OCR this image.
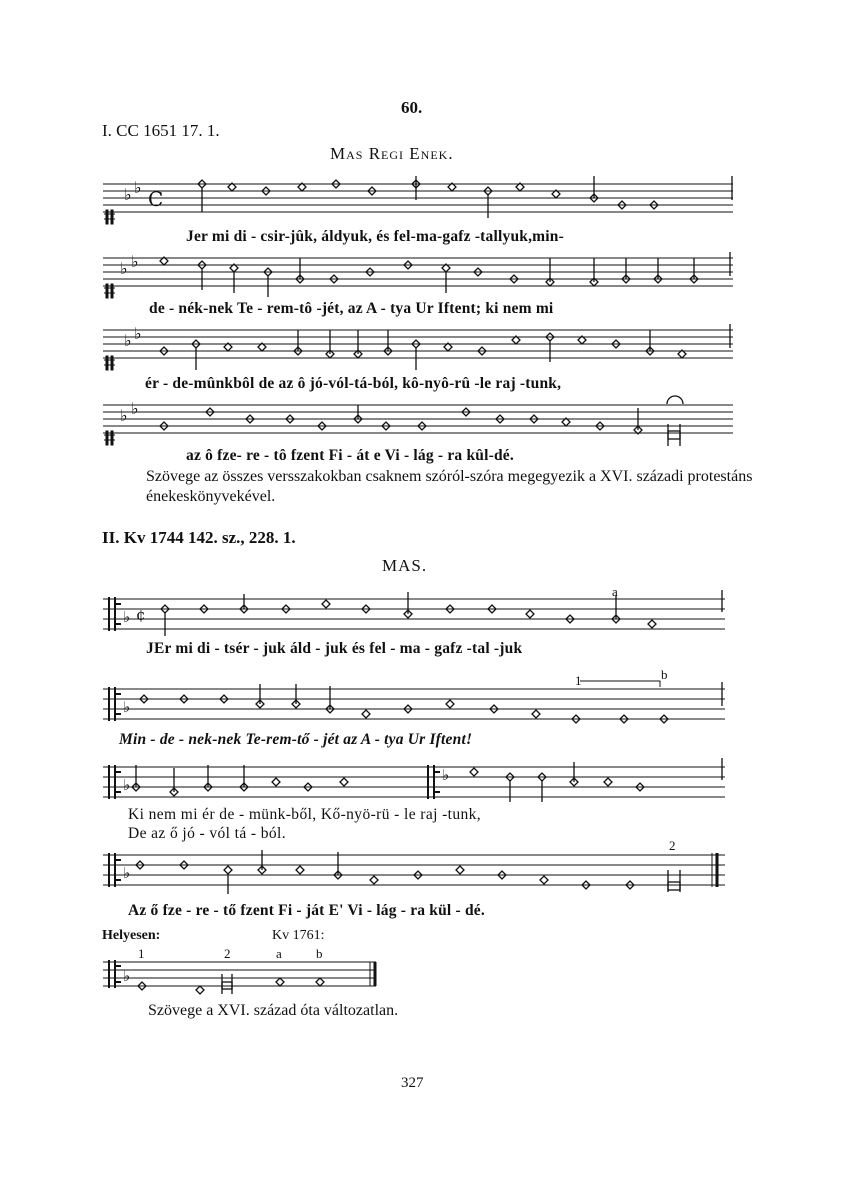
60.
I. CC 1651 17. 1.
Mas Regi Enek.
♭ ♭
♭ ♭
♭ ♭
♭ ♭
C
♭ ¢
♭
♭
♭
♭
♭
Jer mi di - csir-jûk, áldyuk, és fel-ma-gafz -tallyuk,min-
de - nék-nek Te - rem-tô -jét, az A - tya Ur Iftent; ki nem mi
ér - de-mûnkbôl de az ô jó-vól-tá-ból, kô-nyô-rû -le raj -tunk,
az ô fze- re - tô fzent Fi - át e Vi - lág - ra kûl-dé.
Szövege az összes versszakokban csaknem szóról-szóra megegyezik a XVI. századi protestáns énekeskönyvekével.
II. Kv 1744 142. sz., 228. 1.
MAS.
a
JEr mi di - tsér - juk áld - juk és fel - ma - gafz -tal -juk
1	b
Min - de - nek-nek Te-rem-tő - jét az A - tya Ur Iftent!
Ki nem mi ér de - münk-ből, Kő-nyö-rü - le raj -tunk,
De az ő jó - vól tá - ból.
2
Az ő fze - re - tő fzent Fi - ját E' Vi - lág - ra kül - dé.
Helyesen:	Kv 1761:
1	2	a	b
Szövege a XVI. század óta változatlan.
327
